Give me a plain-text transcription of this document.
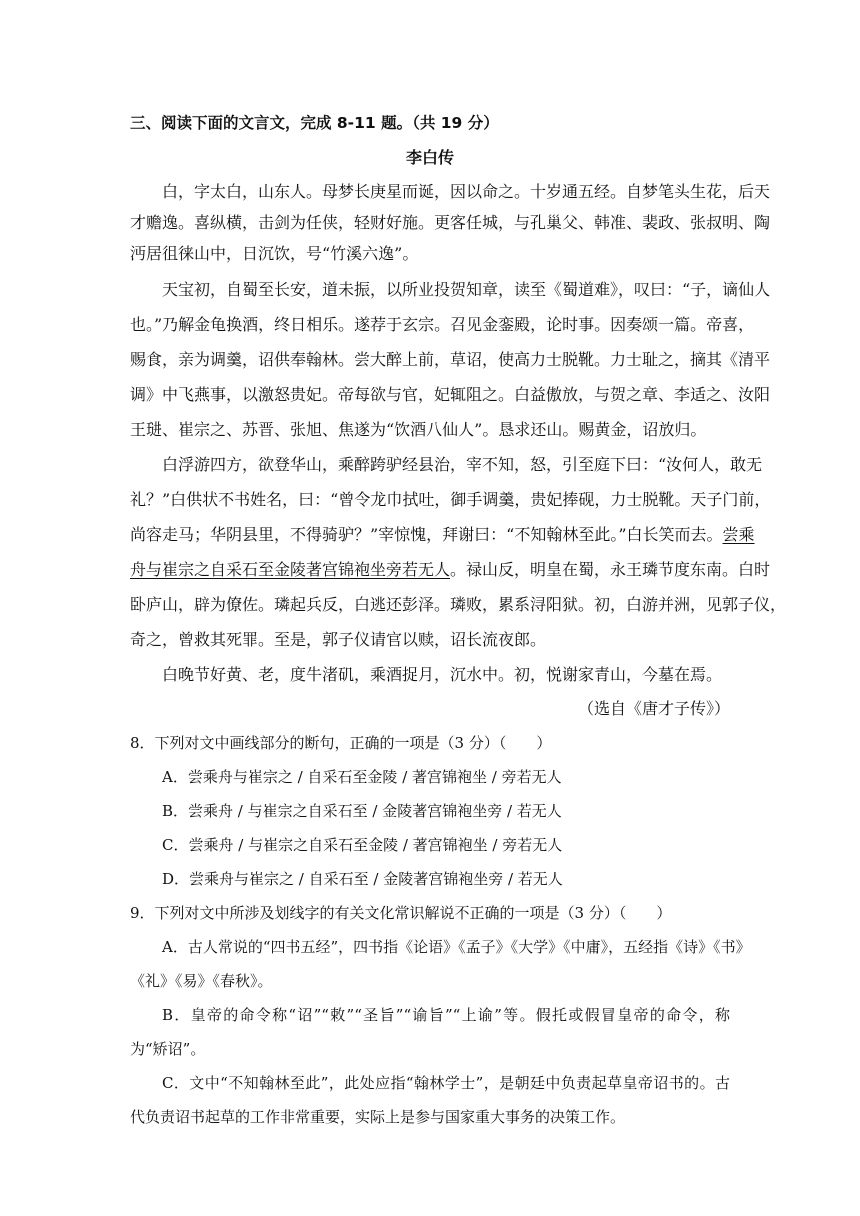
三、阅读下面的文言文，完成 8-11 题。（共 19 分）
李白传
白，字太白，山东人。母梦长庚星而诞，因以命之。十岁通五经。自梦笔头生花，后天
才赡逸。喜纵横，击剑为任侠，轻财好施。更客任城，与孔巢父、韩准、裴政、张叔明、陶
沔居徂徕山中，日沉饮，号“竹溪六逸”。
天宝初，自蜀至长安，道未振，以所业投贺知章，读至《蜀道难》，叹曰：“子，谪仙人
也。”乃解金龟换酒，终日相乐。遂荐于玄宗。召见金銮殿，论时事。因奏颂一篇。帝喜，
赐食，亲为调羹，诏供奉翰林。尝大醉上前，草诏，使高力士脱靴。力士耻之，摘其《清平
调》中飞燕事，以激怒贵妃。帝每欲与官，妃辄阻之。白益傲放，与贺之章、李适之、汝阳
王琎、崔宗之、苏晋、张旭、焦遂为“饮酒八仙人”。恳求还山。赐黄金，诏放归。
白浮游四方，欲登华山，乘醉跨驴经县治，宰不知，怒，引至庭下曰：“汝何人，敢无
礼？”白供状不书姓名，曰：“曾令龙巾拭吐，御手调羹，贵妃捧砚，力士脱靴。天子门前，
尚容走马；华阴县里，不得骑驴？”宰惊愧，拜谢曰：“不知翰林至此。”白长笑而去。尝乘
舟与崔宗之自采石至金陵著宫锦袍坐旁若无人。禄山反，明皇在蜀，永王璘节度东南。白时
卧庐山，辟为僚佐。璘起兵反，白逃还彭泽。璘败，累系浔阳狱。初，白游并洲，见郭子仪，
奇之，曾救其死罪。至是，郭子仪请官以赎，诏长流夜郎。
白晚节好黄、老，度牛渚矶，乘酒捉月，沉水中。初，悦谢家青山，今墓在焉。
（选自《唐才子传》）
8．下列对文中画线部分的断句，正确的一项是（3 分）（　　）
A．尝乘舟与崔宗之 / 自采石至金陵 / 著宫锦袍坐 / 旁若无人
B．尝乘舟 / 与崔宗之自采石至 / 金陵著宫锦袍坐旁 / 若无人
C．尝乘舟 / 与崔宗之自采石至金陵 / 著宫锦袍坐 / 旁若无人
D．尝乘舟与崔宗之 / 自采石至 / 金陵著宫锦袍坐旁 / 若无人
9．下列对文中所涉及划线字的有关文化常识解说不正确的一项是（3 分）（　　）
A．古人常说的“四书五经”，四书指《论语》《孟子》《大学》《中庸》，五经指《诗》《书》
《礼》《易》《春秋》。
B．皇帝的命令称“诏”“敕”“圣旨”“谕旨”“上谕”等。假托或假冒皇帝的命令，称
为“矫诏”。
C．文中“不知翰林至此”，此处应指“翰林学士”，是朝廷中负责起草皇帝诏书的。古
代负责诏书起草的工作非常重要，实际上是参与国家重大事务的决策工作。
